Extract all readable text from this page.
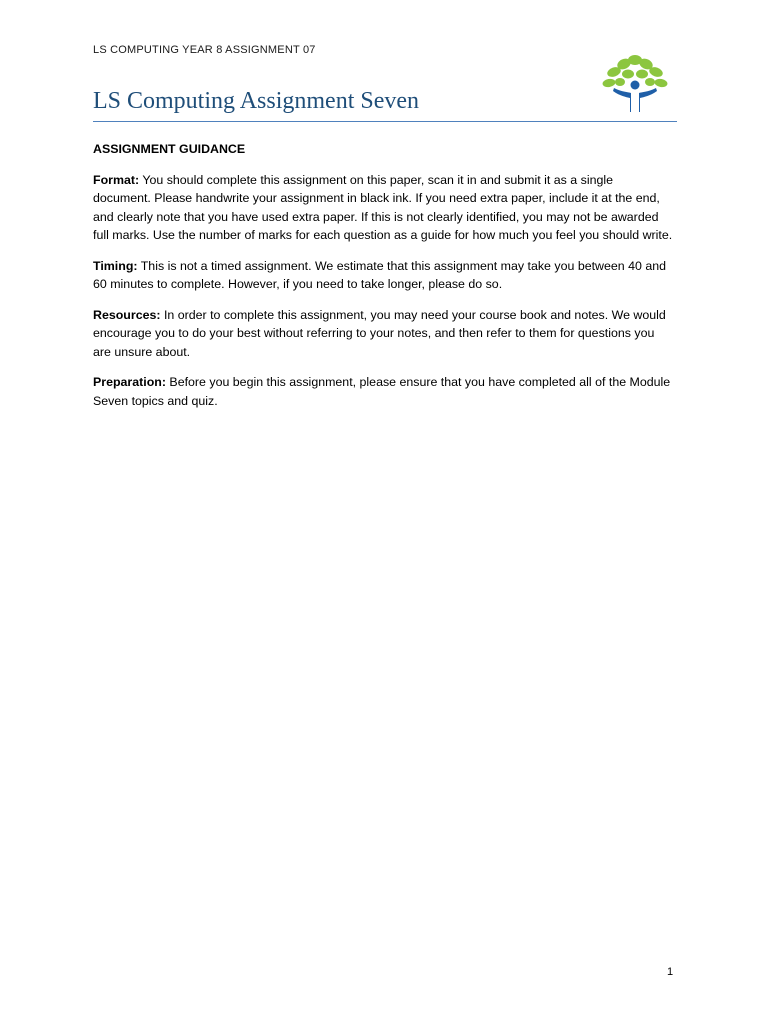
LS COMPUTING YEAR 8 ASSIGNMENT 07
LS Computing Assignment Seven

ASSIGNMENT GUIDANCE

Format: You should complete this assignment on this paper, scan it in and submit it as a single document. Please handwrite your assignment in black ink. If you need extra paper, include it at the end, and clearly note that you have used extra paper. If this is not clearly identified, you may not be awarded full marks. Use the number of marks for each question as a guide for how much you feel you should write.

Timing: This is not a timed assignment. We estimate that this assignment may take you between 40 and 60 minutes to complete. However, if you need to take longer, please do so.

Resources: In order to complete this assignment, you may need your course book and notes. We would encourage you to do your best without referring to your notes, and then refer to them for questions you are unsure about.

Preparation: Before you begin this assignment, please ensure that you have completed all of the Module Seven topics and quiz.

1
